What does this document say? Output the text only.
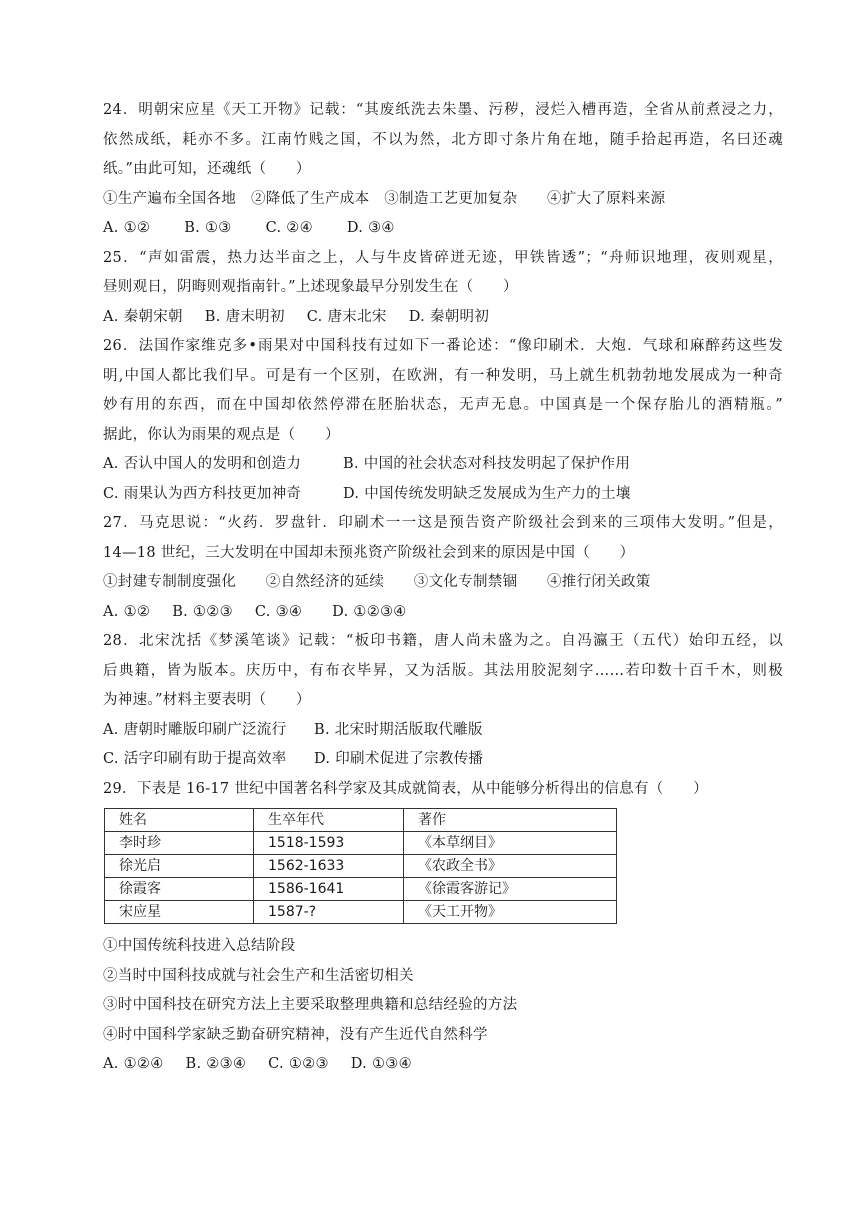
24．明朝宋应星《天工开物》记载：“其废纸洗去朱墨、污秽，浸烂入槽再造，全省从前煮浸之力，
依然成纸，耗亦不多。江南竹贱之国，不以为然，北方即寸条片角在地，随手拾起再造，名曰还魂
纸。”由此可知，还魂纸（　　）
①生产遍布全国各地　②降低了生产成本　③制造工艺更加复杂　　④扩大了原料来源
A. ①② B. ①③ C. ②④ D. ③④
25．“声如雷震，热力达半亩之上，人与牛皮皆碎迸无迹，甲铁皆透”；“舟师识地理，夜则观星，
昼则观日，阴晦则观指南针。”上述现象最早分别发生在（　　）
A. 秦朝宋朝 B. 唐末明初 C. 唐末北宋 D. 秦朝明初
26．法国作家维克多•雨果对中国科技有过如下一番论述：“像印刷术．大炮．气球和麻醉药这些发
明,中国人都比我们早。可是有一个区别，在欧洲，有一种发明，马上就生机勃勃地发展成为一种奇
妙有用的东西，而在中国却依然停滞在胚胎状态，无声无息。中国真是一个保存胎儿的酒精瓶。”
据此，你认为雨果的观点是（　　）
A. 否认中国人的发明和创造力	B. 中国的社会状态对科技发明起了保护作用
C. 雨果认为西方科技更加神奇	D. 中国传统发明缺乏发展成为生产力的土壤
27．马克思说：“火药．罗盘针．印刷术一一这是预告资产阶级社会到来的三项伟大发明。”但是，
14—18 世纪，三大发明在中国却未预兆资产阶级社会到来的原因是中国（　　）
①封建专制制度强化　　②自然经济的延续　　③文化专制禁锢　　④推行闭关政策
A. ①② B. ①②③ C. ③④ D. ①②③④
28．北宋沈括《梦溪笔谈》记载：“板印书籍，唐人尚未盛为之。自冯瀛王（五代）始印五经，以
后典籍，皆为版本。庆历中，有布衣毕昇，又为活版。其法用胶泥刻字……若印数十百千木，则极
为神速。”材料主要表明（　　）
A. 唐朝时雕版印刷广泛流行 B. 北宋时期活版取代雕版
C. 活字印刷有助于提高效率 D. 印刷术促进了宗教传播
29．下表是 16-17 世纪中国著名科学家及其成就简表，从中能够分析得出的信息有（　　）
姓名	生卒年代	著作
李时珍	1518-1593	《本草纲目》
徐光启	1562-1633	《农政全书》
徐霞客	1586-1641	《徐霞客游记》
宋应星	1587-?	《天工开物》
①中国传统科技进入总结阶段
②当时中国科技成就与社会生产和生活密切相关
③时中国科技在研究方法上主要采取整理典籍和总结经验的方法
④时中国科学家缺乏勤奋研究精神，没有产生近代自然科学
A. ①②④ B. ②③④ C. ①②③ D. ①③④
